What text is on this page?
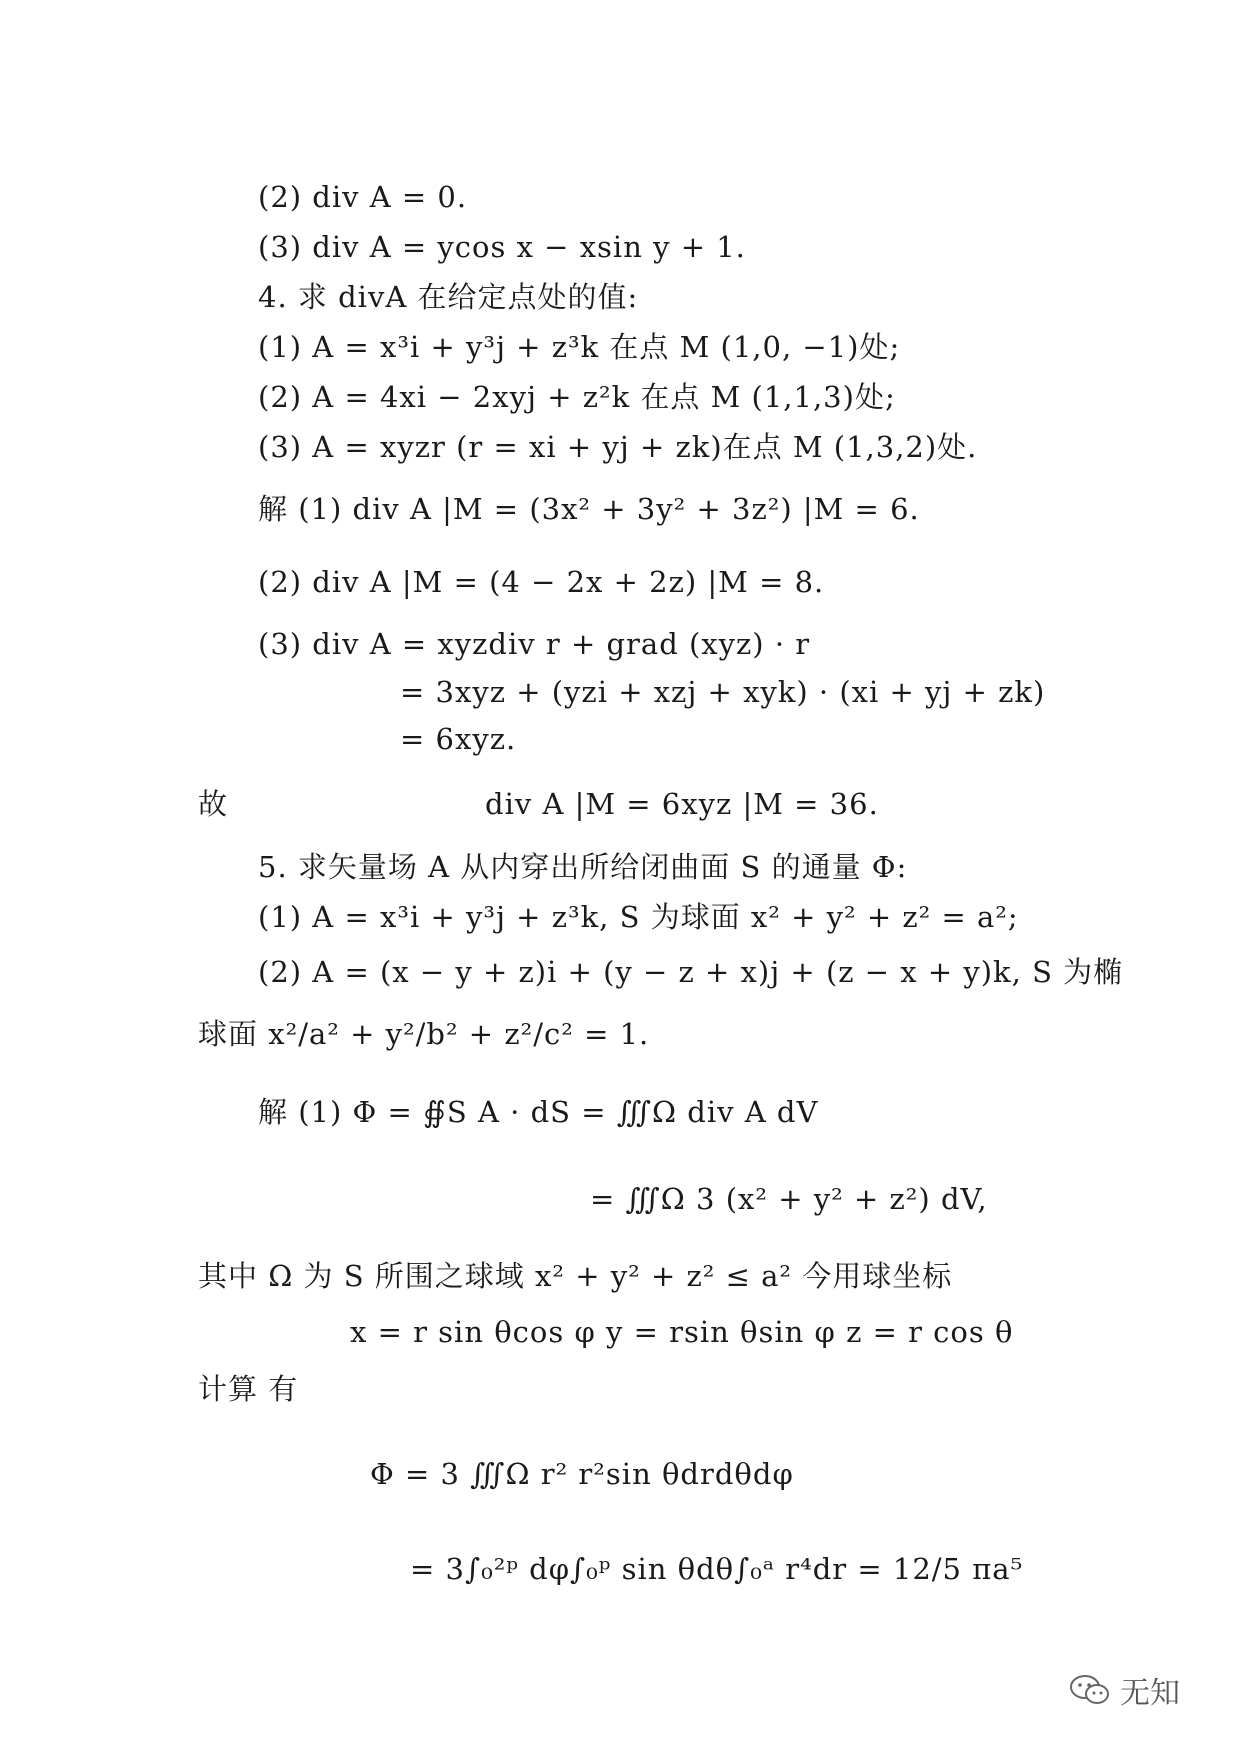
(2) div A = 0.
(3) div A = ycos x − xsin y + 1.
4. 求 divA 在给定点处的值:
(1) A = x³i + y³j + z³k 在点 M (1,0, −1)处;
(2) A = 4xi − 2xyj + z²k 在点 M (1,1,3)处;
(3) A = xyzr (r = xi + yj + zk)在点 M (1,3,2)处.
解 (1) div A |M = (3x² + 3y² + 3z²) |M = 6.
(2) div A |M = (4 − 2x + 2z) |M = 8.
(3) div A = xyzdiv r + grad (xyz) · r
= 3xyz + (yzi + xzj + xyk) · (xi + yj + zk)
= 6xyz.
故	div A |M = 6xyz |M = 36.
5. 求矢量场 A 从内穿出所给闭曲面 S 的通量 Φ:
(1) A = x³i + y³j + z³k, S 为球面 x² + y² + z² = a²;
(2) A = (x − y + z)i + (y − z + x)j + (z − x + y)k, S 为椭
球面 x²/a² + y²/b² + z²/c² = 1.
解 (1) Φ = ∯S A · dS = ∭Ω div A dV
= ∭Ω 3 (x² + y² + z²) dV,
其中 Ω 为 S 所围之球域 x² + y² + z² ≤ a² 今用球坐标
x = r sin θcos φ y = rsin θsin φ z = r cos θ
计算 有
Φ = 3 ∭Ω r² r²sin θdrdθdφ
= 3∫₀²ᵖ dφ∫₀ᵖ sin θdθ∫₀ᵃ r⁴dr = 12/5 πa⁵
无知
